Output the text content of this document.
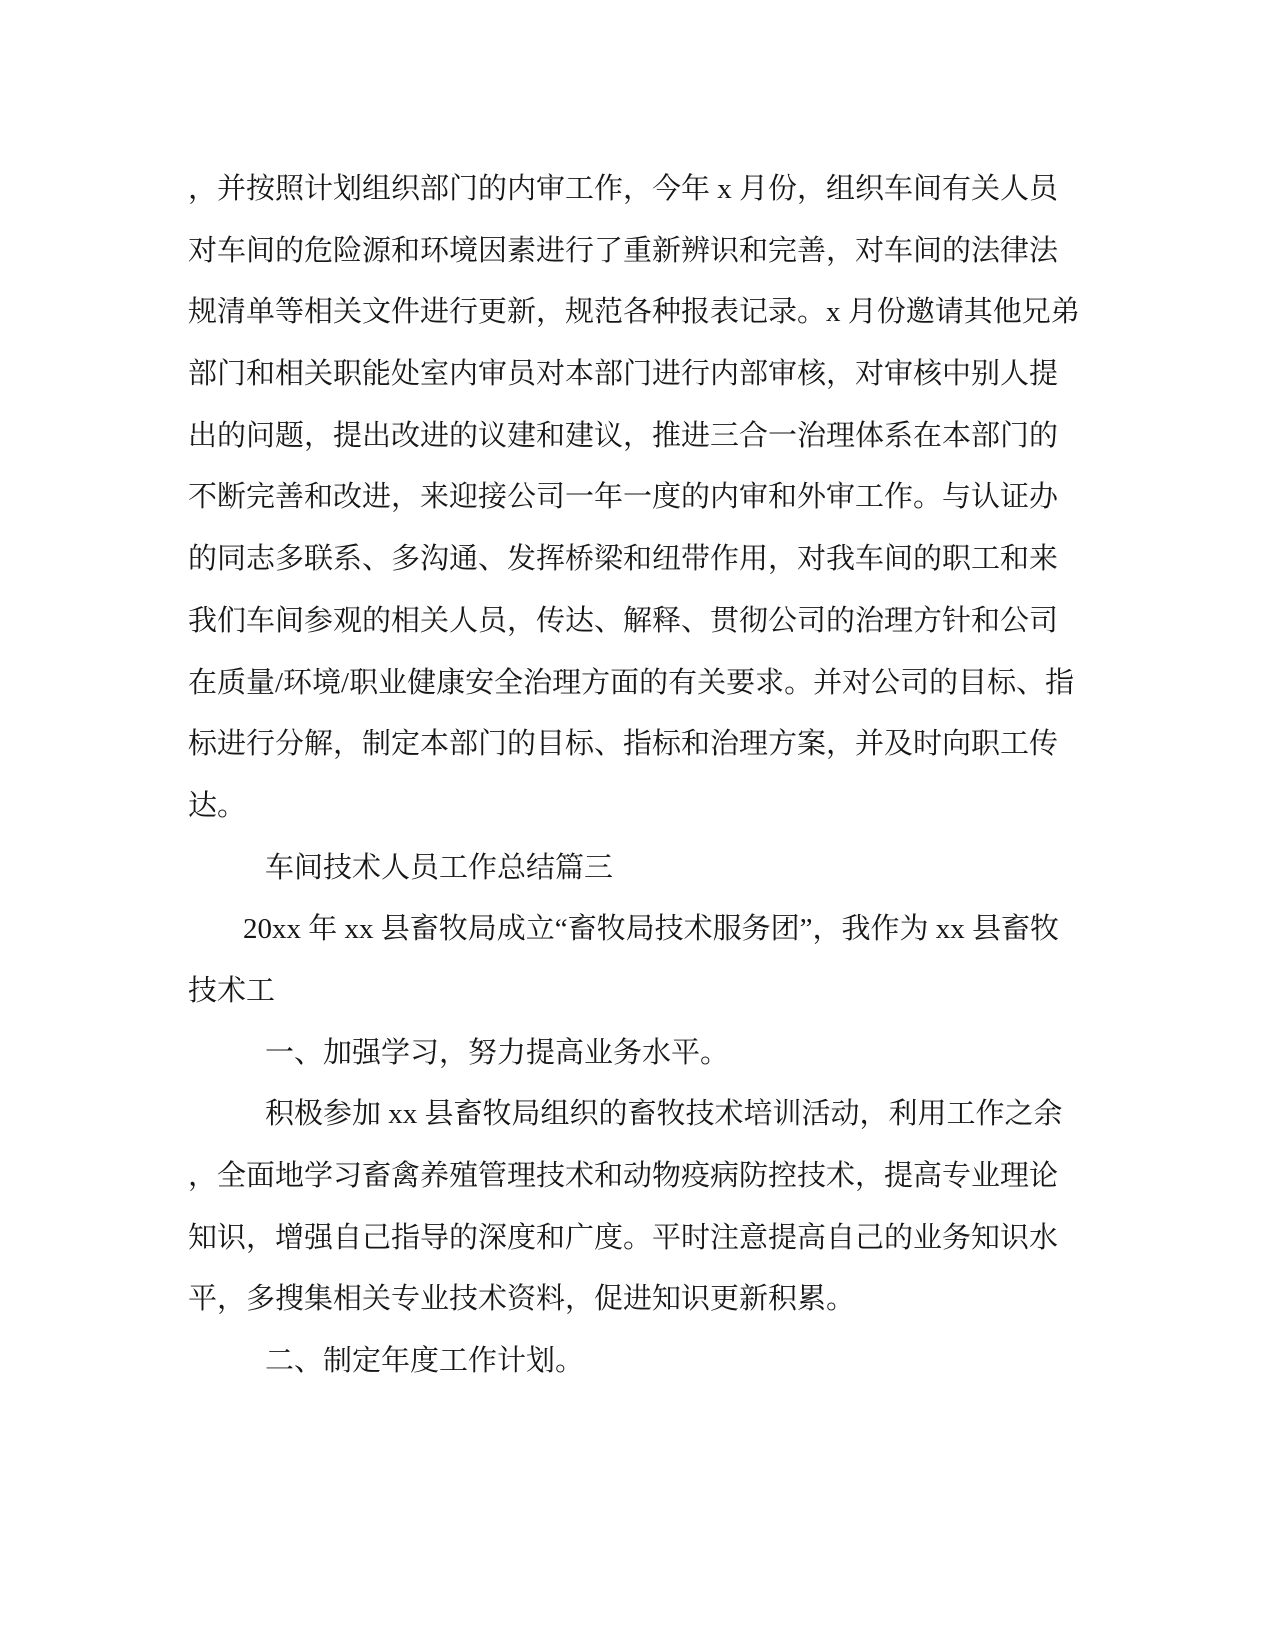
，并按照计划组织部门的内审工作，今年 x 月份，组织车间有关人员
对车间的危险源和环境因素进行了重新辨识和完善，对车间的法律法
规清单等相关文件进行更新，规范各种报表记录。x 月份邀请其他兄弟
部门和相关职能处室内审员对本部门进行内部审核，对审核中别人提
出的问题，提出改进的议建和建议，推进三合一治理体系在本部门的
不断完善和改进，来迎接公司一年一度的内审和外审工作。与认证办
的同志多联系、多沟通、发挥桥梁和纽带作用，对我车间的职工和来
我们车间参观的相关人员，传达、解释、贯彻公司的治理方针和公司
在质量/环境/职业健康安全治理方面的有关要求。并对公司的目标、指
标进行分解，制定本部门的目标、指标和治理方案，并及时向职工传
达。
车间技术人员工作总结篇三
20xx 年 xx 县畜牧局成立“畜牧局技术服务团”，我作为 xx 县畜牧
技术工
一、加强学习，努力提高业务水平。
积极参加 xx 县畜牧局组织的畜牧技术培训活动，利用工作之余
，全面地学习畜禽养殖管理技术和动物疫病防控技术，提高专业理论
知识，增强自己指导的深度和广度。平时注意提高自己的业务知识水
平，多搜集相关专业技术资料，促进知识更新积累。
二、制定年度工作计划。
